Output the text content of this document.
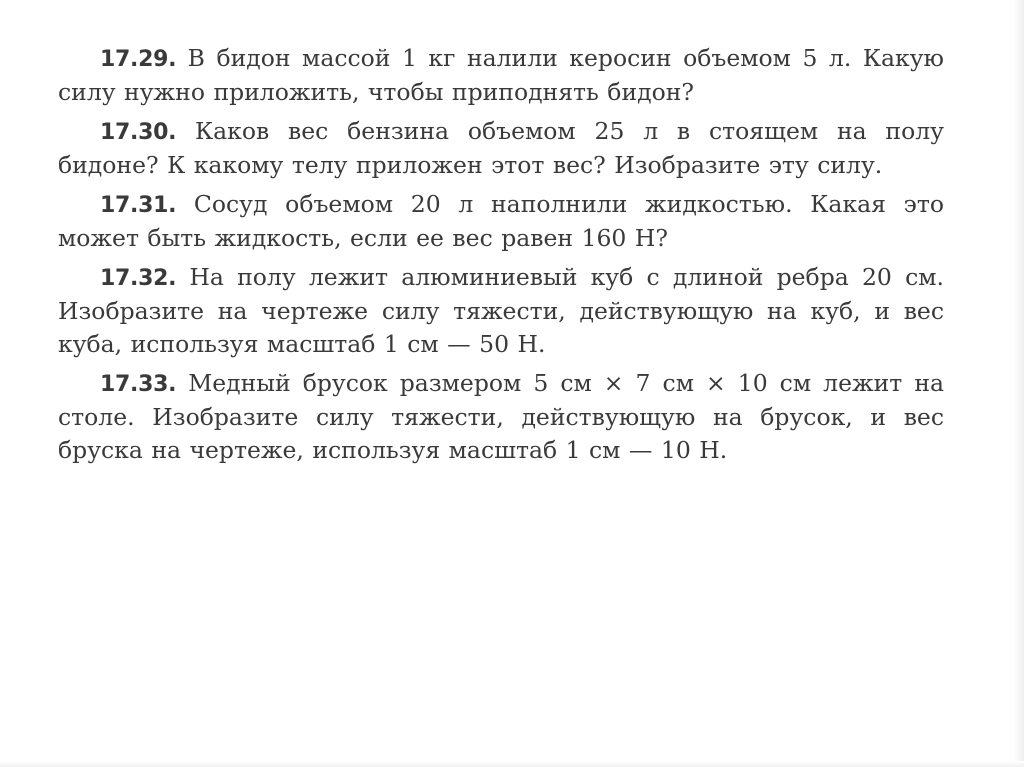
17.29. В бидон массой 1 кг налили керосин объемом 5 л. Какую силу нужно приложить, чтобы приподнять бидон?

17.30. Каков вес бензина объемом 25 л в стоящем на полу бидоне? К какому телу приложен этот вес? Изобразите эту силу.

17.31. Сосуд объемом 20 л наполнили жидкостью. Какая это может быть жидкость, если ее вес равен 160 Н?

17.32. На полу лежит алюминиевый куб с длиной ребра 20 см. Изобразите на чертеже силу тяжести, действующую на куб, и вес куба, используя масштаб 1 см — 50 Н.

17.33. Медный брусок размером 5 см × 7 см × 10 см лежит на столе. Изобразите силу тяжести, действующую на брусок, и вес бруска на чертеже, используя масштаб 1 см — 10 Н.
